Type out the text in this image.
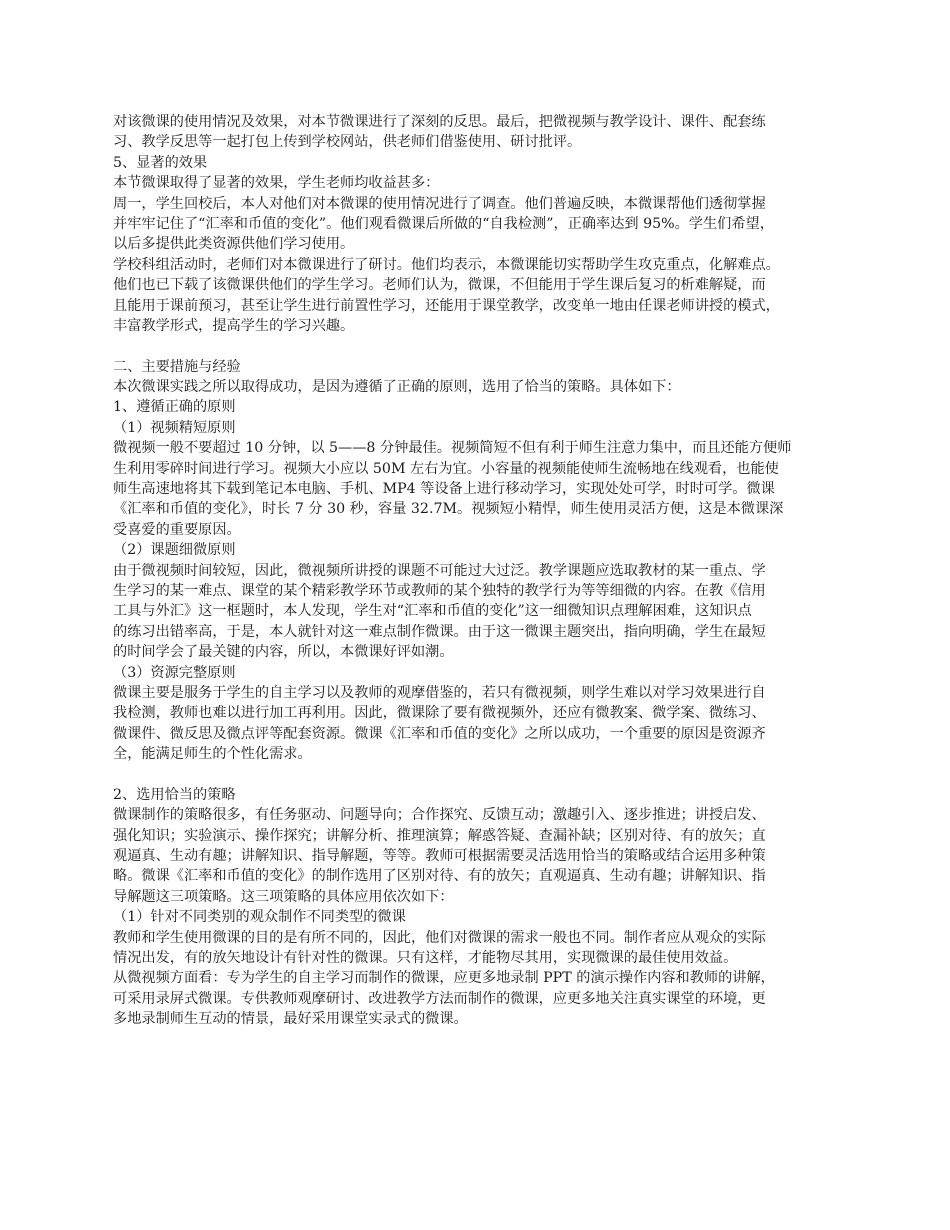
对该微课的使用情况及效果，对本节微课进行了深刻的反思。最后，把微视频与教学设计、课件、配套练
习、教学反思等一起打包上传到学校网站，供老师们借鉴使用、研讨批评。
5、显著的效果
本节微课取得了显著的效果，学生老师均收益甚多：
周一，学生回校后，本人对他们对本微课的使用情况进行了调查。他们普遍反映，本微课帮他们透彻掌握
并牢牢记住了“汇率和币值的变化”。他们观看微课后所做的“自我检测”，正确率达到 95%。学生们希望，
以后多提供此类资源供他们学习使用。
学校科组活动时，老师们对本微课进行了研讨。他们均表示，本微课能切实帮助学生攻克重点，化解难点。
他们也已下载了该微课供他们的学生学习。老师们认为，微课，不但能用于学生课后复习的析难解疑，而
且能用于课前预习，甚至让学生进行前置性学习，还能用于课堂教学，改变单一地由任课老师讲授的模式，
丰富教学形式，提高学生的学习兴趣。
二、主要措施与经验
本次微课实践之所以取得成功，是因为遵循了正确的原则，选用了恰当的策略。具体如下：
1、遵循正确的原则
（1）视频精短原则
微视频一般不要超过 10 分钟，以 5——8 分钟最佳。视频简短不但有利于师生注意力集中，而且还能方便师
生利用零碎时间进行学习。视频大小应以 50M 左右为宜。小容量的视频能使师生流畅地在线观看，也能使
师生高速地将其下载到笔记本电脑、手机、MP4 等设备上进行移动学习，实现处处可学，时时可学。微课
《汇率和币值的变化》，时长 7 分 30 秒，容量 32.7M。视频短小精悍，师生使用灵活方便，这是本微课深
受喜爱的重要原因。
（2）课题细微原则
由于微视频时间较短，因此，微视频所讲授的课题不可能过大过泛。教学课题应选取教材的某一重点、学
生学习的某一难点、课堂的某个精彩教学环节或教师的某个独特的教学行为等等细微的内容。在教《信用
工具与外汇》这一框题时，本人发现，学生对“汇率和币值的变化”这一细微知识点理解困难，这知识点
的练习出错率高，于是，本人就针对这一难点制作微课。由于这一微课主题突出，指向明确，学生在最短
的时间学会了最关键的内容，所以，本微课好评如潮。
（3）资源完整原则
微课主要是服务于学生的自主学习以及教师的观摩借鉴的，若只有微视频，则学生难以对学习效果进行自
我检测，教师也难以进行加工再利用。因此，微课除了要有微视频外，还应有微教案、微学案、微练习、
微课件、微反思及微点评等配套资源。微课《汇率和币值的变化》之所以成功，一个重要的原因是资源齐
全，能满足师生的个性化需求。
2、选用恰当的策略
微课制作的策略很多，有任务驱动、问题导向；合作探究、反馈互动；激趣引入、逐步推进；讲授启发、
强化知识；实验演示、操作探究；讲解分析、推理演算；解惑答疑、查漏补缺；区别对待、有的放矢；直
观逼真、生动有趣；讲解知识、指导解题，等等。教师可根据需要灵活选用恰当的策略或结合运用多种策
略。微课《汇率和币值的变化》的制作选用了区别对待、有的放矢；直观逼真、生动有趣；讲解知识、指
导解题这三项策略。这三项策略的具体应用依次如下：
（1）针对不同类别的观众制作不同类型的微课
教师和学生使用微课的目的是有所不同的，因此，他们对微课的需求一般也不同。制作者应从观众的实际
情况出发，有的放矢地设计有针对性的微课。只有这样，才能物尽其用，实现微课的最佳使用效益。
从微视频方面看：专为学生的自主学习而制作的微课，应更多地录制 PPT 的演示操作内容和教师的讲解，
可采用录屏式微课。专供教师观摩研讨、改进教学方法而制作的微课，应更多地关注真实课堂的环境，更
多地录制师生互动的情景，最好采用课堂实录式的微课。
